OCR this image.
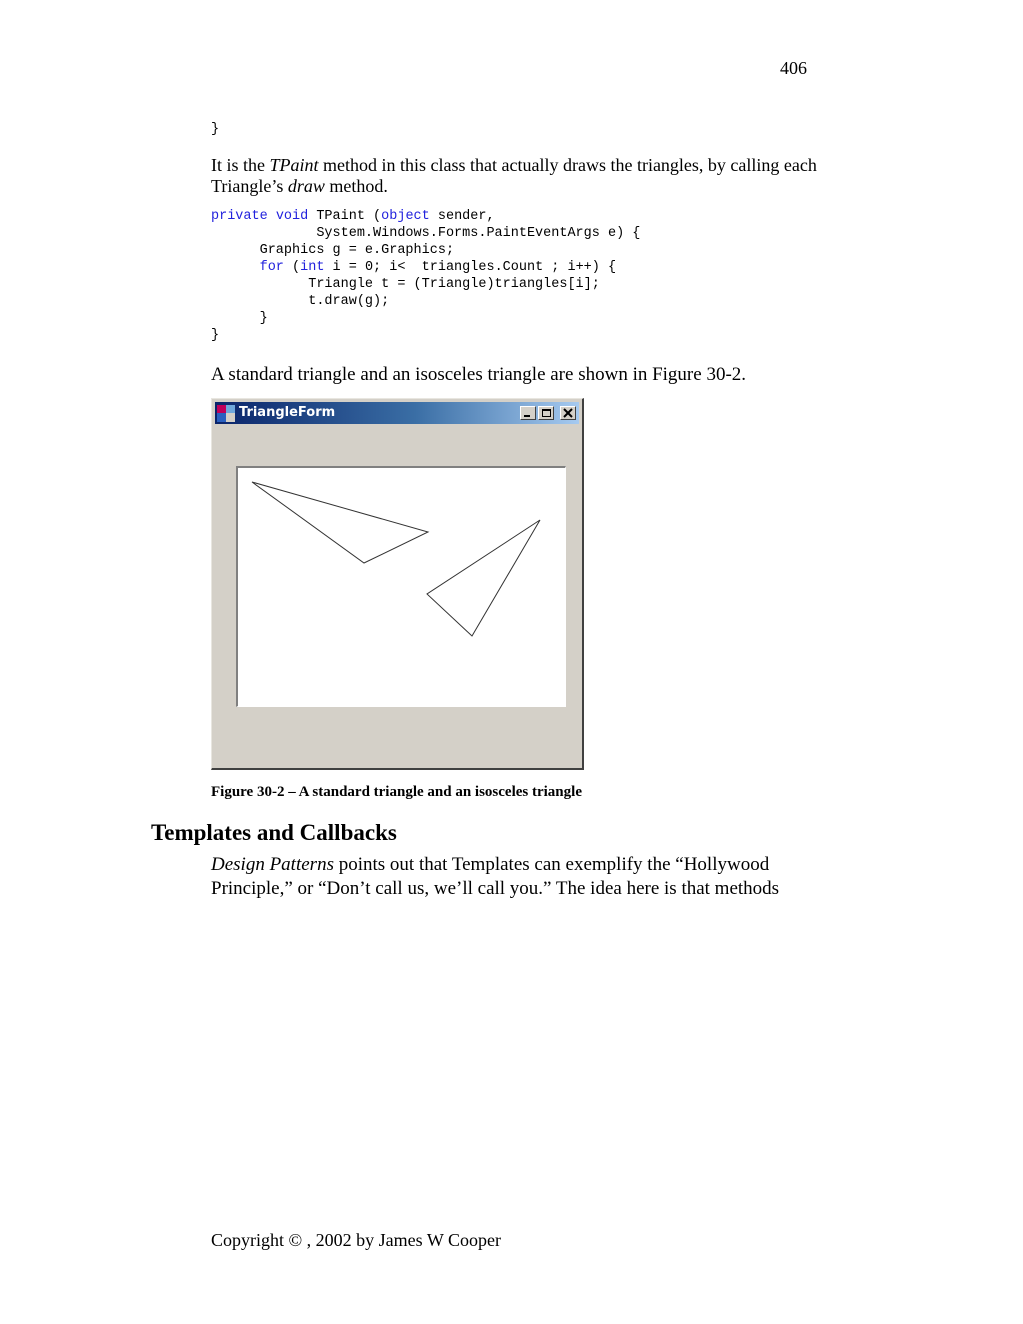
406
}
It is the TPaint method in this class that actually draws the triangles, by calling each Triangle’s draw method.
private void TPaint (object sender,
System.Windows.Forms.PaintEventArgs e) {
Graphics g = e.Graphics;
for (int i = 0; i<  triangles.Count ; i++) {
Triangle t = (Triangle)triangles[i];
t.draw(g);
}
}
A standard triangle and an isosceles triangle are shown in Figure 30-2.
TriangleForm
Figure 30-2 – A standard triangle and an isosceles triangle
Templates and Callbacks
Design Patterns points out that Templates can exemplify the “Hollywood Principle,” or “Don’t call us, we’ll call you.” The idea here is that methods
Copyright © , 2002 by James W Cooper
